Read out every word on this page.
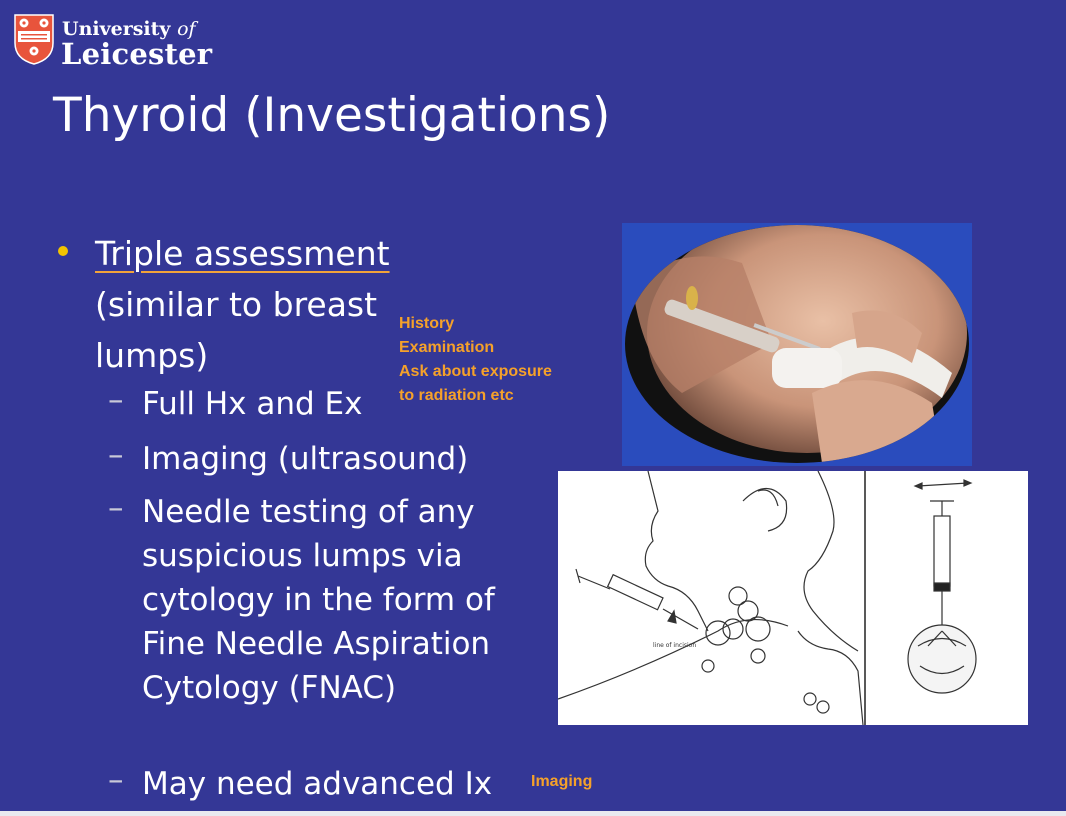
University of
Leicester
Thyroid (Investigations)
Triple assessment
(similar to breast lumps)
– Full Hx and Ex
– Imaging (ultrasound)
– Needle testing of any suspicious lumps via cytology in the form of Fine Needle Aspiration Cytology (FNAC)
– May need advanced Ix
History
Examination
Ask about exposure
to radiation etc
Imaging
line of incision
